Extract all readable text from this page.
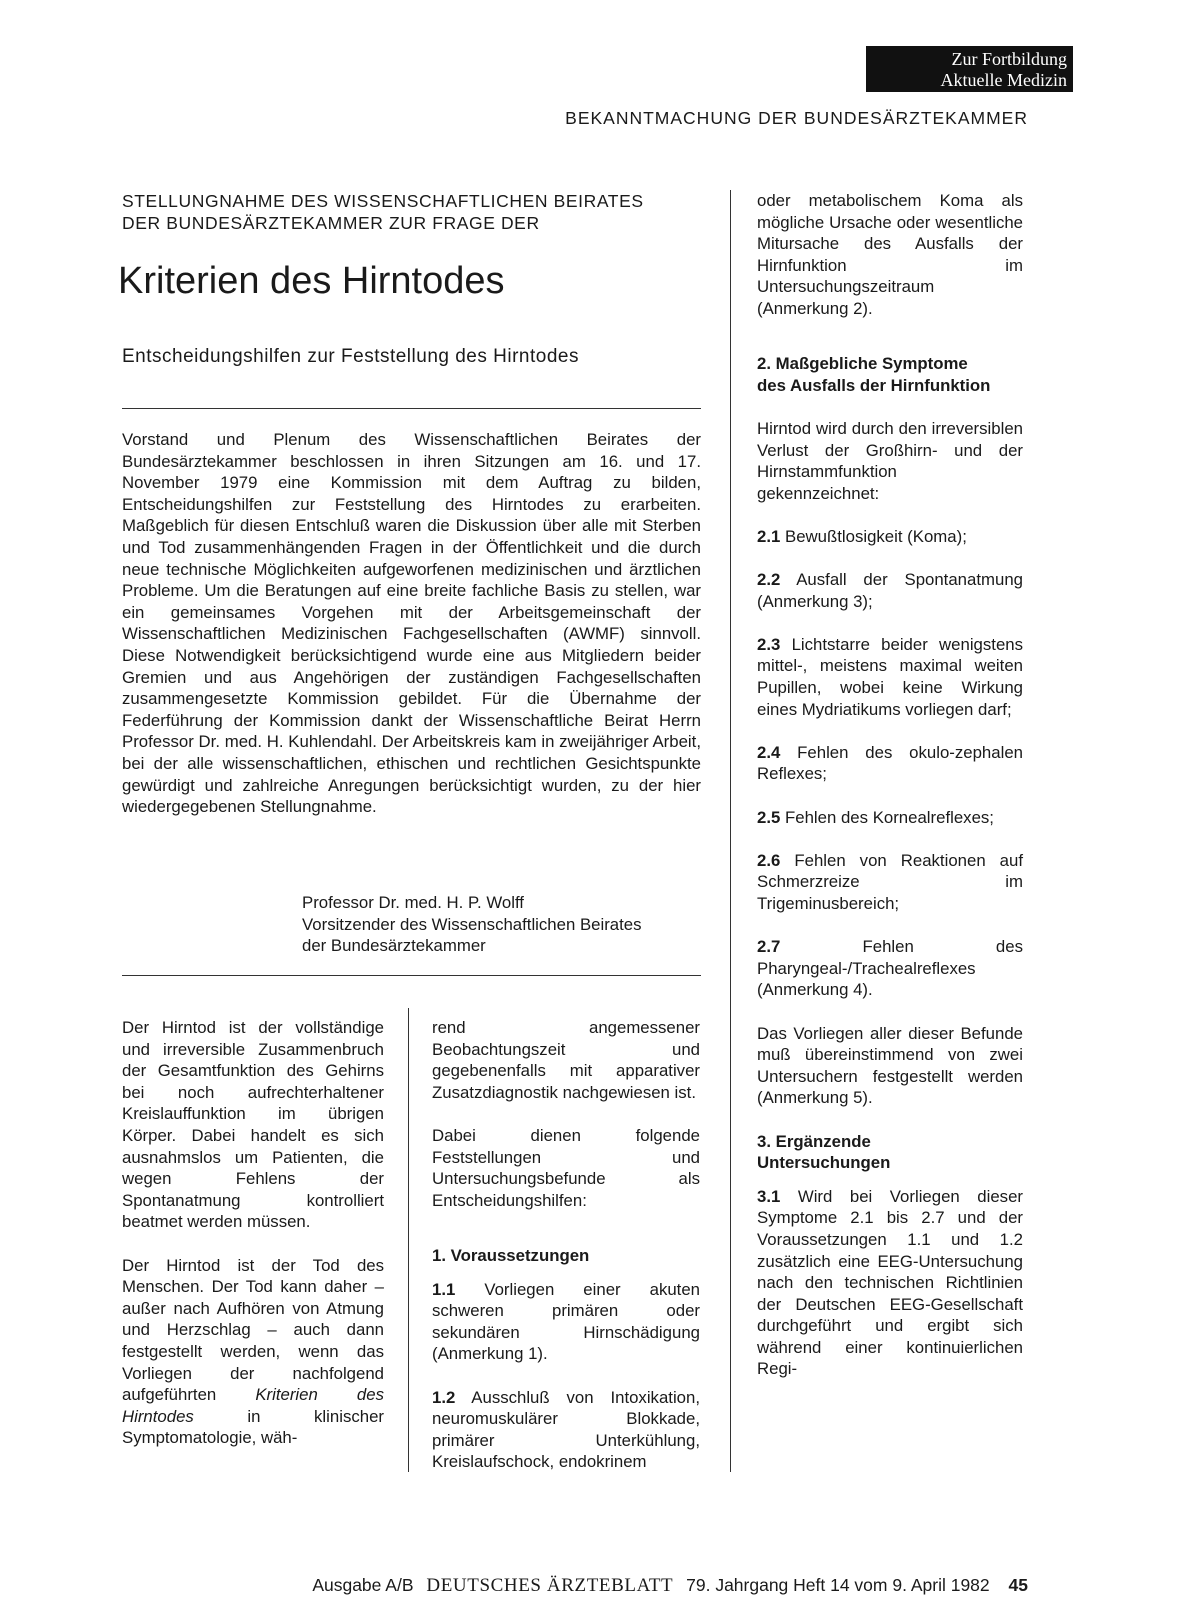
Zur Fortbildung
Aktuelle Medizin
BEKANNTMACHUNG DER BUNDESÄRZTEKAMMER
STELLUNGNAHME DES WISSENSCHAFTLICHEN BEIRATES
DER BUNDESÄRZTEKAMMER ZUR FRAGE DER
Kriterien des Hirntodes
Entscheidungshilfen zur Feststellung des Hirntodes
Vorstand und Plenum des Wissenschaftlichen Beirates der Bundesärztekammer beschlossen in ihren Sitzungen am 16. und 17. November 1979 eine Kommission mit dem Auftrag zu bilden, Entscheidungshilfen zur Feststellung des Hirntodes zu erarbeiten. Maßgeblich für diesen Entschluß waren die Diskussion über alle mit Sterben und Tod zusammenhängenden Fragen in der Öffentlichkeit und die durch neue technische Möglichkeiten aufgeworfenen medizinischen und ärztlichen Probleme. Um die Beratungen auf eine breite fachliche Basis zu stellen, war ein gemeinsames Vorgehen mit der Arbeitsgemeinschaft der Wissenschaftlichen Medizinischen Fachgesellschaften (AWMF) sinnvoll. Diese Notwendigkeit berücksichtigend wurde eine aus Mitgliedern beider Gremien und aus Angehörigen der zuständigen Fachgesellschaften zusammengesetzte Kommission gebildet. Für die Übernahme der Federführung der Kommission dankt der Wissenschaftliche Beirat Herrn Professor Dr. med. H. Kuhlendahl. Der Arbeitskreis kam in zweijähriger Arbeit, bei der alle wissenschaftlichen, ethischen und rechtlichen Gesichtspunkte gewürdigt und zahlreiche Anregungen berücksichtigt wurden, zu der hier wiedergegebenen Stellungnahme.
Professor Dr. med. H. P. Wolff
Vorsitzender des Wissenschaftlichen Beirates
der Bundesärztekammer
Der Hirntod ist der vollständige und irreversible Zusammenbruch der Gesamtfunktion des Gehirns bei noch aufrechterhaltener Kreislauffunktion im übrigen Körper. Dabei handelt es sich ausnahmslos um Patienten, die wegen Fehlens der Spontanatmung kontrolliert beatmet werden müssen.
Der Hirntod ist der Tod des Menschen. Der Tod kann daher – außer nach Aufhören von Atmung und Herzschlag – auch dann festgestellt werden, wenn das Vorliegen der nachfolgend aufgeführten Kriterien des Hirntodes in klinischer Symptomatologie, wäh-
rend angemessener Beobachtungszeit und gegebenenfalls mit apparativer Zusatzdiagnostik nachgewiesen ist.
Dabei dienen folgende Feststellungen und Untersuchungsbefunde als Entscheidungshilfen:
1. Voraussetzungen
1.1 Vorliegen einer akuten schweren primären oder sekundären Hirnschädigung (Anmerkung 1).
1.2 Ausschluß von Intoxikation, neuromuskulärer Blokkade, primärer Unterkühlung, Kreislaufschock, endokrinem
oder metabolischem Koma als mögliche Ursache oder wesentliche Mitursache des Ausfalls der Hirnfunktion im Untersuchungszeitraum (Anmerkung 2).
2. Maßgebliche Symptome
des Ausfalls der Hirnfunktion
Hirntod wird durch den irreversiblen Verlust der Großhirn- und der Hirnstammfunktion gekennzeichnet:
2.1 Bewußtlosigkeit (Koma);
2.2 Ausfall der Spontanatmung (Anmerkung 3);
2.3 Lichtstarre beider wenigstens mittel-, meistens maximal weiten Pupillen, wobei keine Wirkung eines Mydriatikums vorliegen darf;
2.4 Fehlen des okulo-zephalen Reflexes;
2.5 Fehlen des Kornealreflexes;
2.6 Fehlen von Reaktionen auf Schmerzreize im Trigeminusbereich;
2.7 Fehlen des Pharyngeal-/Trachealreflexes (Anmerkung 4).
Das Vorliegen aller dieser Befunde muß übereinstimmend von zwei Untersuchern festgestellt werden (Anmerkung 5).
3. Ergänzende
Untersuchungen
3.1 Wird bei Vorliegen dieser Symptome 2.1 bis 2.7 und der Voraussetzungen 1.1 und 1.2 zusätzlich eine EEG-Untersuchung nach den technischen Richtlinien der Deutschen EEG-Gesellschaft durchgeführt und ergibt sich während einer kontinuierlichen Regi-
Ausgabe A/B DEUTSCHES ÄRZTEBLATT 79. Jahrgang Heft 14 vom 9. April 1982 45
